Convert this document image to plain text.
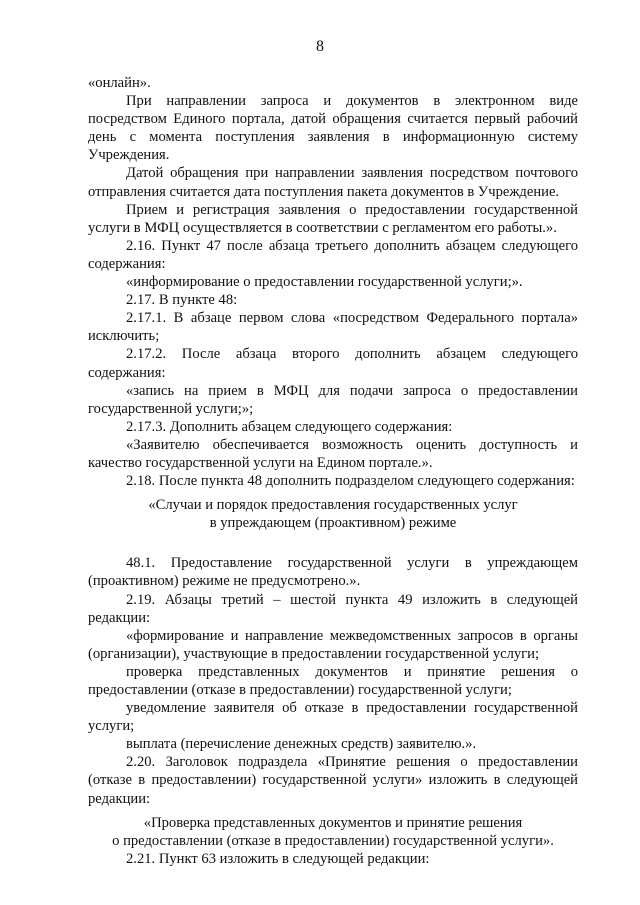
8

«онлайн».

При направлении запроса и документов в электронном виде посредством Единого портала, датой обращения считается первый рабочий день с момента поступления заявления в информационную систему Учреждения.

Датой обращения при направлении заявления посредством почтового отправления считается дата поступления пакета документов в Учреждение.

Прием и регистрация заявления о предоставлении государственной услуги в МФЦ осуществляется в соответствии с регламентом его работы.».

2.16. Пункт 47 после абзаца третьего дополнить абзацем следующего содержания:

«информирование о предоставлении государственной услуги;».

2.17. В пункте 48:

2.17.1. В абзаце первом слова «посредством Федерального портала» исключить;

2.17.2. После абзаца второго дополнить абзацем следующего содержания:

«запись на прием в МФЦ для подачи запроса о предоставлении государственной услуги;»;

2.17.3. Дополнить абзацем следующего содержания:

«Заявителю обеспечивается возможность оценить доступность и качество государственной услуги на Едином портале.».

2.18. После пункта 48 дополнить подразделом следующего содержания:

«Случаи и порядок предоставления государственных услуг
в упреждающем (проактивном) режиме

48.1. Предоставление государственной услуги в упреждающем (проактивном) режиме не предусмотрено.».

2.19. Абзацы третий – шестой пункта 49 изложить в следующей редакции:

«формирование и направление межведомственных запросов в органы (организации), участвующие в предоставлении государственной услуги;

проверка представленных документов и принятие решения о предоставлении (отказе в предоставлении) государственной услуги;

уведомление заявителя об отказе в предоставлении государственной услуги;

выплата (перечисление денежных средств) заявителю.».

2.20. Заголовок подраздела «Принятие решения о предоставлении (отказе в предоставлении) государственной услуги» изложить в следующей редакции:

«Проверка представленных документов и принятие решения
о предоставлении (отказе в предоставлении) государственной услуги».

2.21. Пункт 63 изложить в следующей редакции:
